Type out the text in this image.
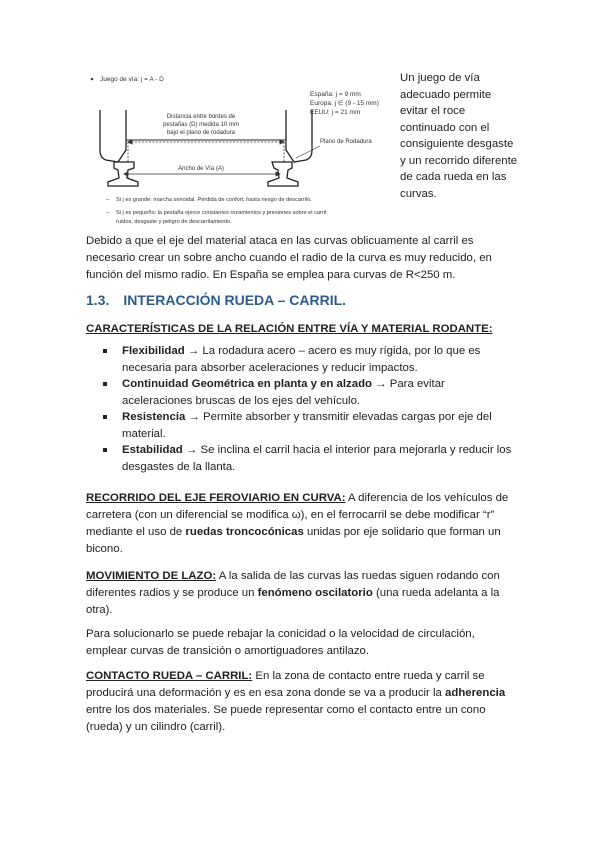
Juego de vía: j = A - D
España: j = 9 mm
Europa: j ∈ (9 - 15 mm)
EEUU: j = 21 mm
Distancia entre bordes de
pestañas (D) medida 10 mm
bajo el plano de rodadura
Plano de Rodadura
Ancho de Vía (A)
– Si j es grande: marcha senoidal. Pérdida de confort, hasta riesgo de descarrilo.
– Si j es pequeño: la pestaña ejerce constantes rozamientos y presiones sobre el carril:
ruidos, desgaste y peligro de descarrilamiento.
Un juego de vía adecuado permite evitar el roce continuado con el consiguiente desgaste y un recorrido diferente de cada rueda en las curvas.
Debido a que el eje del material ataca en las curvas oblicuamente al carril es necesario crear un sobre ancho cuando el radio de la curva es muy reducido, en función del mismo radio. En España se emplea para curvas de R<250 m.
1.3. INTERACCIÓN RUEDA – CARRIL.
CARACTERÍSTICAS DE LA RELACIÓN ENTRE VÍA Y MATERIAL RODANTE:
Flexibilidad → La rodadura acero – acero es muy rígida, por lo que es necesaria para absorber aceleraciones y reducir impactos.
Continuidad Geométrica en planta y en alzado → Para evitar aceleraciones bruscas de los ejes del vehículo.
Resistencia → Permite absorber y transmitir elevadas cargas por eje del material.
Estabilidad → Se inclina el carril hacia el interior para mejorarla y reducir los desgastes de la llanta.
RECORRIDO DEL EJE FEROVIARIO EN CURVA: A diferencia de los vehículos de carretera (con un diferencial se modifica ω), en el ferrocarril se debe modificar “r” mediante el uso de ruedas troncocónicas unidas por eje solidario que forman un bicono.
MOVIMIENTO DE LAZO: A la salida de las curvas las ruedas siguen rodando con diferentes radios y se produce un fenómeno oscilatorio (una rueda adelanta a la otra).
Para solucionarlo se puede rebajar la conicidad o la velocidad de circulación, emplear curvas de transición o amortiguadores antilazo.
CONTACTO RUEDA – CARRIL: En la zona de contacto entre rueda y carril se producirá una deformación y es en esa zona donde se va a producir la adherencia entre los dos materiales. Se puede representar como el contacto entre un cono (rueda) y un cilindro (carril).
